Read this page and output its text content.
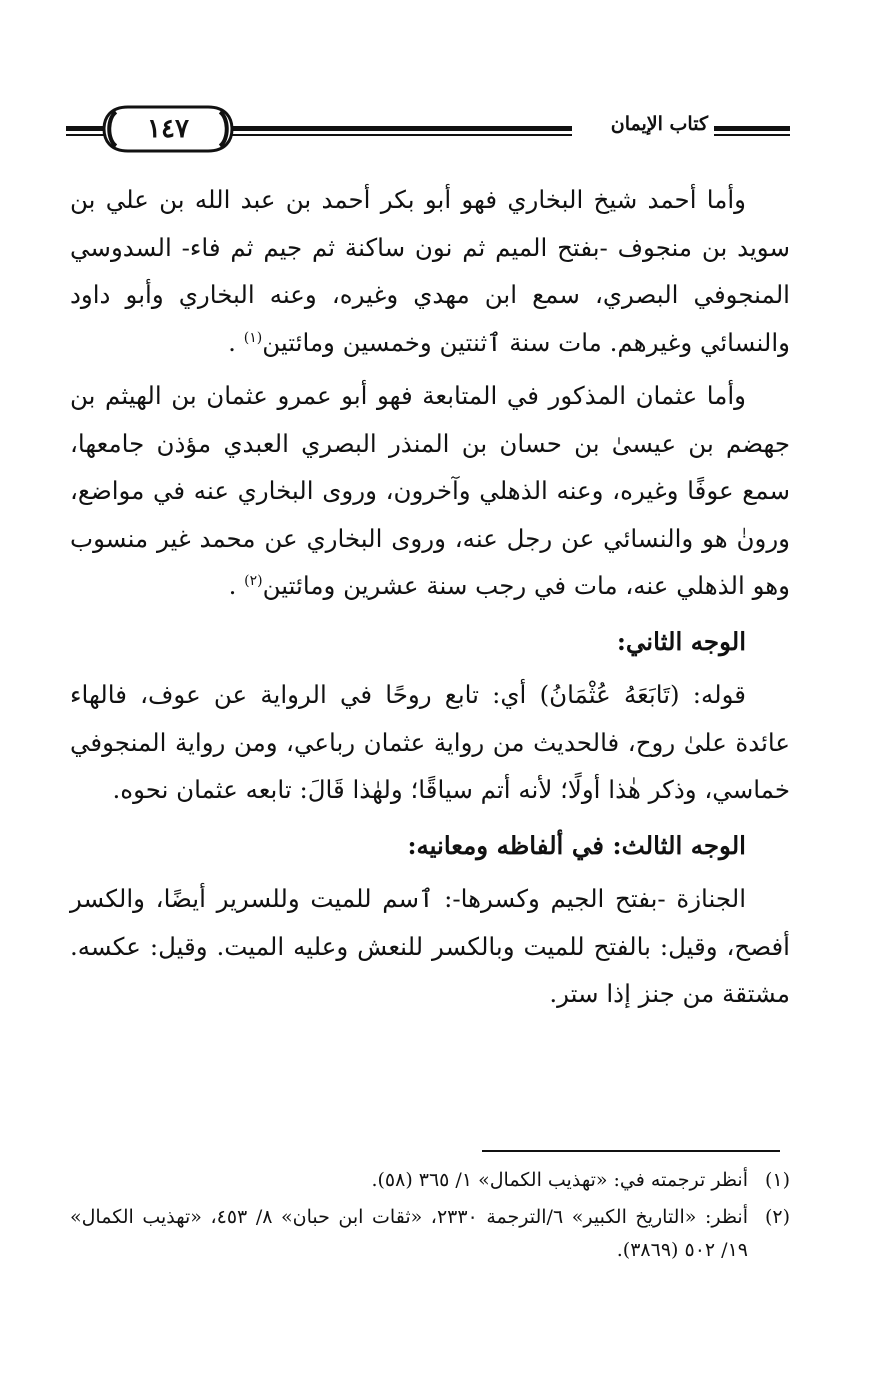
كتاب الإيمان
١٤٧

وأما أحمد شيخ البخاري فهو أبو بكر أحمد بن عبد الله بن علي بن سويد بن منجوف -بفتح الميم ثم نون ساكنة ثم جيم ثم فاء- السدوسي المنجوفي البصري، سمع ابن مهدي وغيره، وعنه البخاري وأبو داود والنسائي وغيرهم. مات سنة ٱثنتين وخمسين ومائتين$^{(١)}$ .

وأما عثمان المذكور في المتابعة فهو أبو عمرو عثمان بن الهيثم بن جهضم بن عيسىٰ بن حسان بن المنذر البصري العبدي مؤذن جامعها، سمع عوفًا وغيره، وعنه الذهلي وآخرون، وروى البخاري عنه في مواضع، ورونٰ هو والنسائي عن رجل عنه، وروى البخاري عن محمد غير منسوب وهو الذهلي عنه، مات في رجب سنة عشرين ومائتين$^{(٢)}$ .

الوجه الثاني:

قوله: (تَابَعَهُ عُثْمَانُ) أي: تابع روحًا في الرواية عن عوف، فالهاء عائدة علىٰ روح، فالحديث من رواية عثمان رباعي، ومن رواية المنجوفي خماسي، وذكر هٰذا أولًا؛ لأنه أتم سياقًا؛ ولهٰذا قَالَ: تابعه عثمان نحوه.

الوجه الثالث: في ألفاظه ومعانيه:

الجنازة -بفتح الجيم وكسرها-: ٱسم للميت وللسرير أيضًا، والكسر أفصح، وقيل: بالفتح للميت وبالكسر للنعش وعليه الميت. وقيل: عكسه. مشتقة من جنز إذا ستر.

(١)
أنظر ترجمته في: «تهذيب الكمال» ١/ ٣٦٥ (٥٨).

(٢)
أنظر: «التاريخ الكبير» ٦/الترجمة ٢٣٣٠، «ثقات ابن حبان» ٨/ ٤٥٣، «تهذيب الكمال» ١٩/ ٥٠٢ (٣٨٦٩).
